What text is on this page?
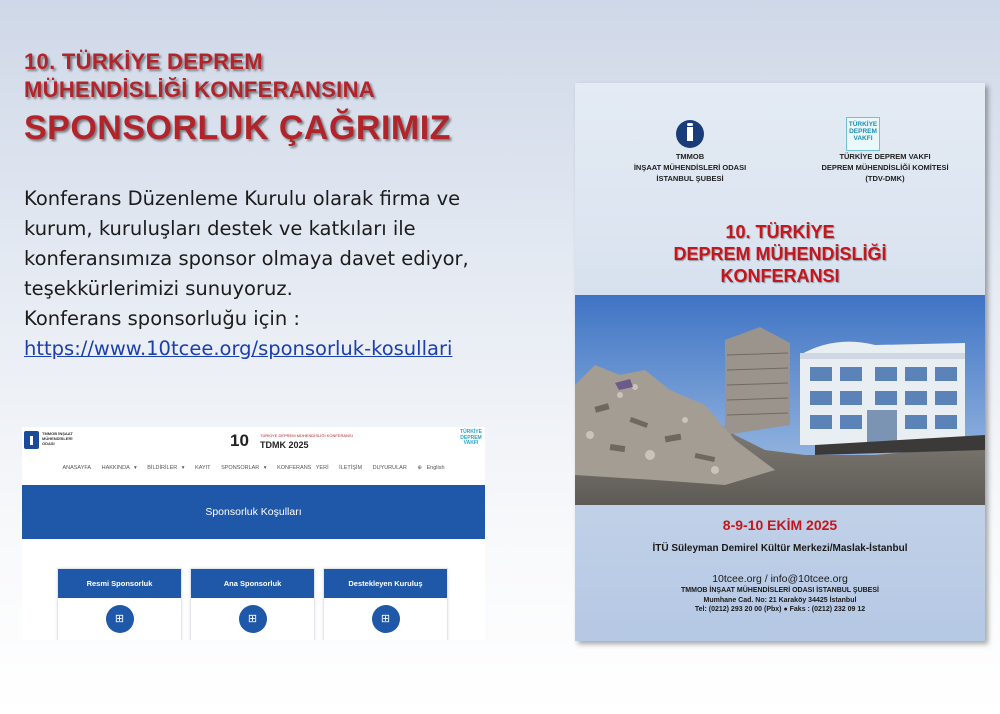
10. TÜRKİYE DEPREM
MÜHENDİSLİĞİ KONFERANSINA
SPONSORLUK ÇAĞRIMIZ

Konferans Düzenleme Kurulu olarak firma ve kurum, kuruluşları destek ve katkıları ile konferansımıza sponsor olmaya davet ediyor, teşekkürlerimizi sunuyoruz.

Konferans sponsorluğu için :

https://www.10tcee.org/sponsorluk-kosullari

TMMOB İNŞAAT MÜHENDİSLERİ ODASI	10	TÜRKİYE DEPREM MÜHENDİSLİĞİ KONFERANSI
TDMK 2025
TÜRKİYE DEPREM VAKFI
ANASAYFA HAKKINDA ▾ BİLDİRİLER ▾ KAYIT SPONSORLAR ▾ KONFERANS YERİ İLETİŞİM DUYURULAR ⊕ English
Sponsorluk Koşulları
Resmi Sponsorluk
⊞
Ana Sponsorluk
⊞
Destekleyen Kuruluş
⊞
TMMOB
İNŞAAT MÜHENDİSLERİ ODASI
İSTANBUL ŞUBESİ
TÜRKİYE DEPREM VAKFI
TÜRKİYE DEPREM VAKFI
DEPREM MÜHENDİSLİĞİ KOMİTESİ
(TDV-DMK)
10. TÜRKİYE
DEPREM MÜHENDİSLİĞİ
KONFERANSI
8-9-10 EKİM 2025
İTÜ Süleyman Demirel Kültür Merkezi/Maslak-İstanbul
10tcee.org / info@10tcee.org
TMMOB İNŞAAT MÜHENDİSLERİ ODASI İSTANBUL ŞUBESİ
Mumhane Cad. No: 21 Karaköy 34425 İstanbul
Tel: (0212) 293 20 00 (Pbx) ● Faks : (0212) 232 09 12
